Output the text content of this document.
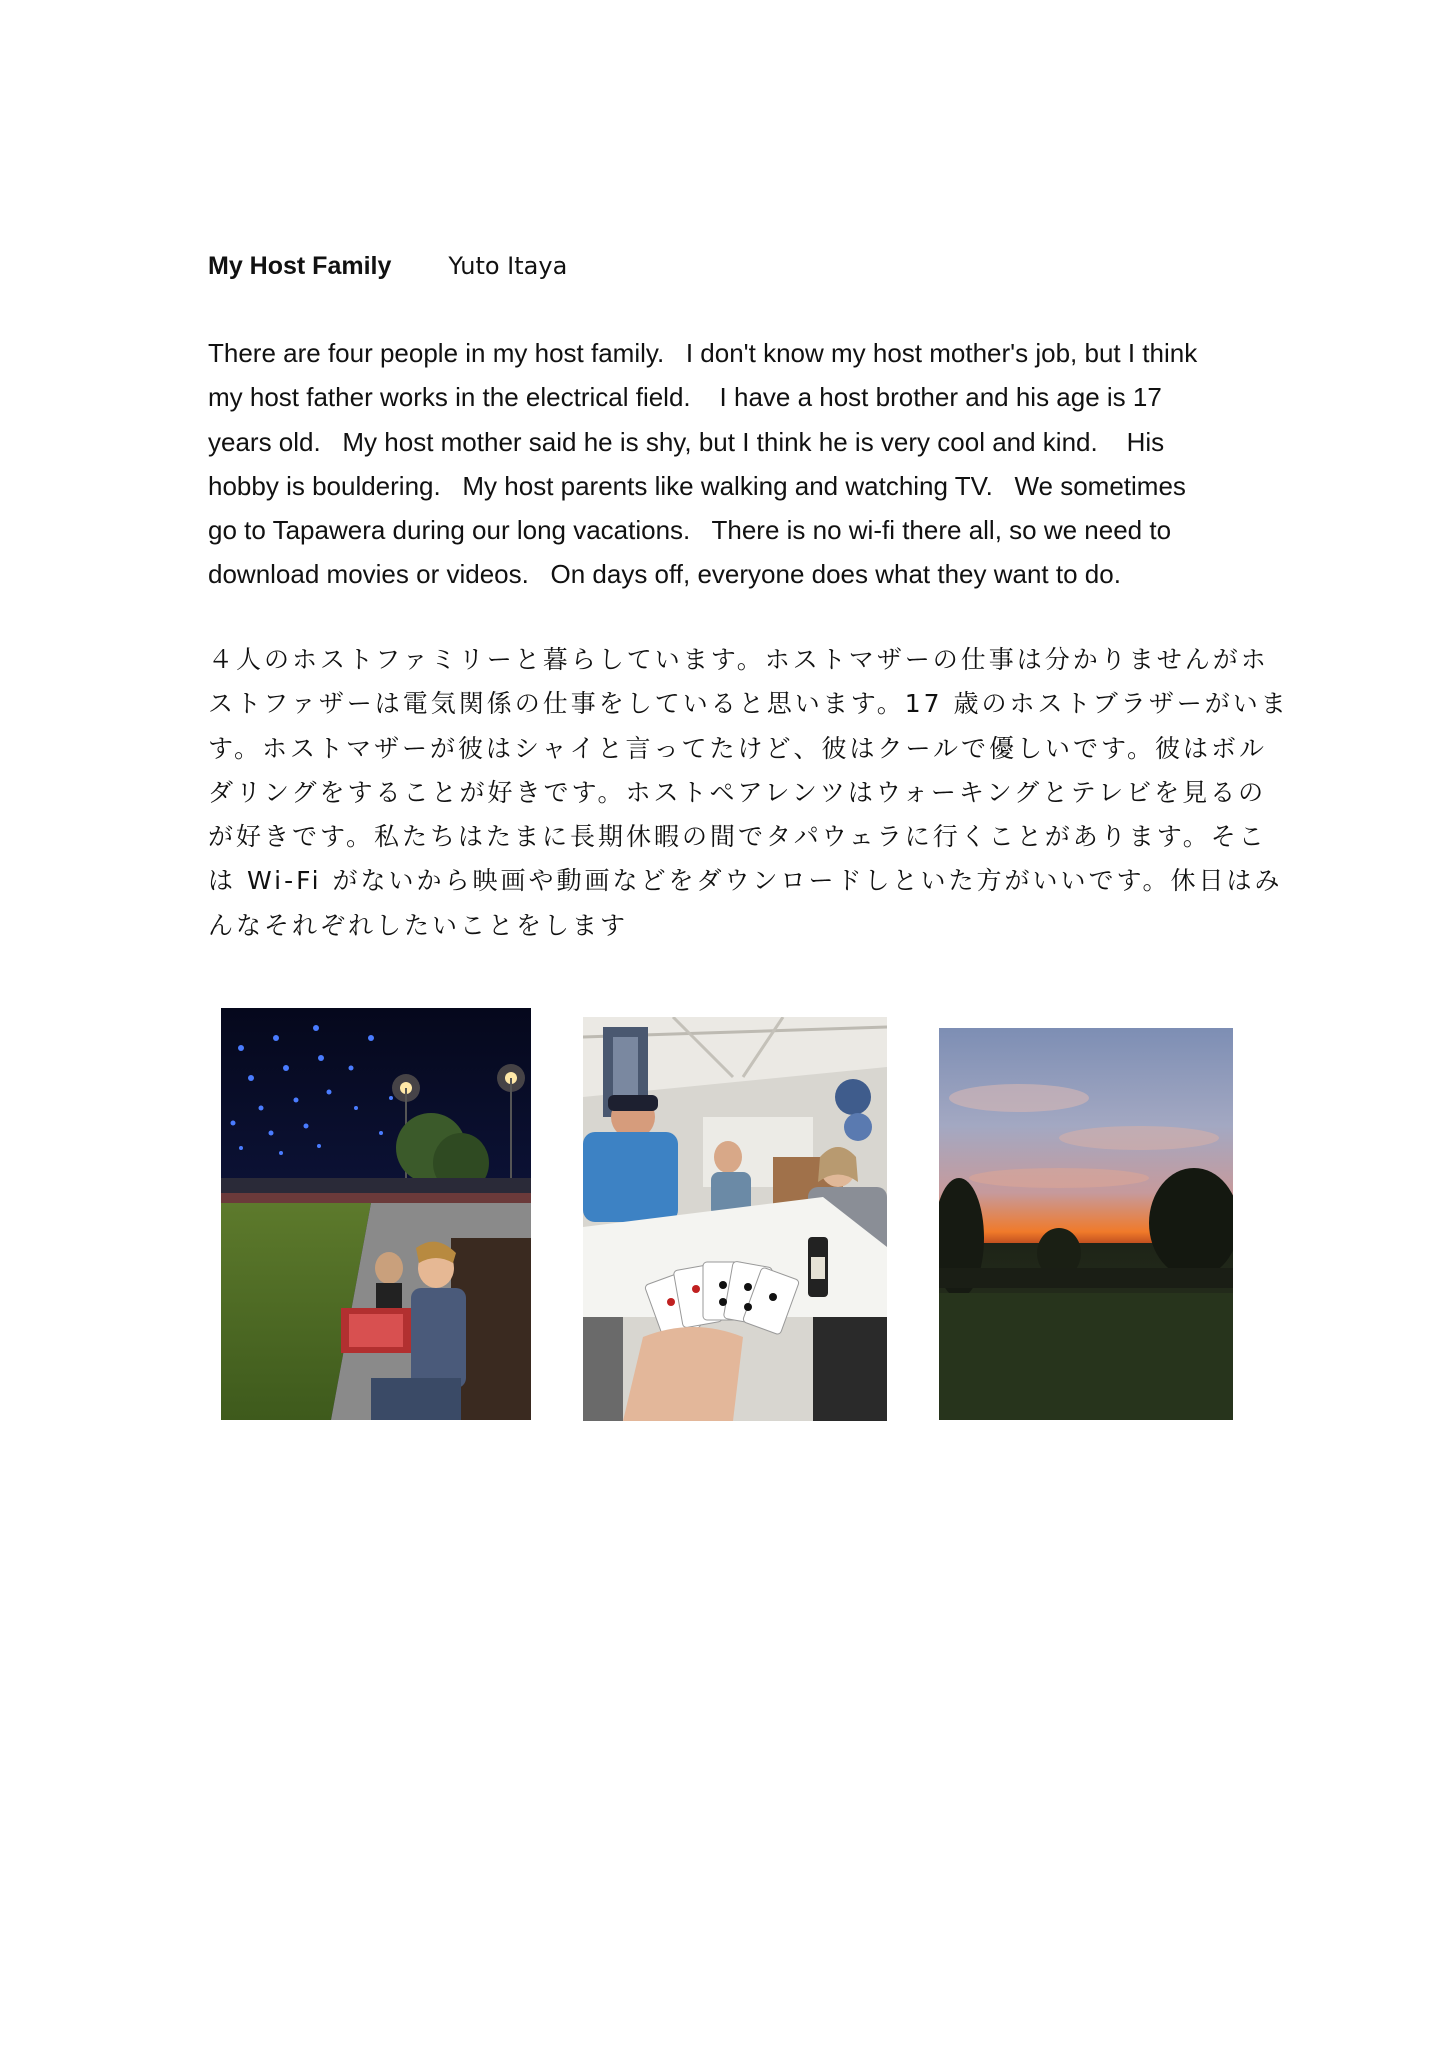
My Host Family Yuto Itaya
There are four people in my host family.   I don't know my host mother's job, but I think
my host father works in the electrical field.    I have a host brother and his age is 17
years old.   My host mother said he is shy, but I think he is very cool and kind.    His
hobby is bouldering.   My host parents like walking and watching TV.   We sometimes
go to Tapawera during our long vacations.   There is no wi-fi there all, so we need to
download movies or videos.   On days off, everyone does what they want to do.
４人のホストファミリーと暮らしています。ホストマザーの仕事は分かりませんがホ
ストファザーは電気関係の仕事をしていると思います。17 歳のホストブラザーがいま
す。ホストマザーが彼はシャイと言ってたけど、彼はクールで優しいです。彼はボル
ダリングをすることが好きです。ホストペアレンツはウォーキングとテレビを見るの
が好きです。私たちはたまに長期休暇の間でタパウェラに行くことがあります。そこ
は Wi-Fi がないから映画や動画などをダウンロードしといた方がいいです。休日はみ
んなそれぞれしたいことをします
